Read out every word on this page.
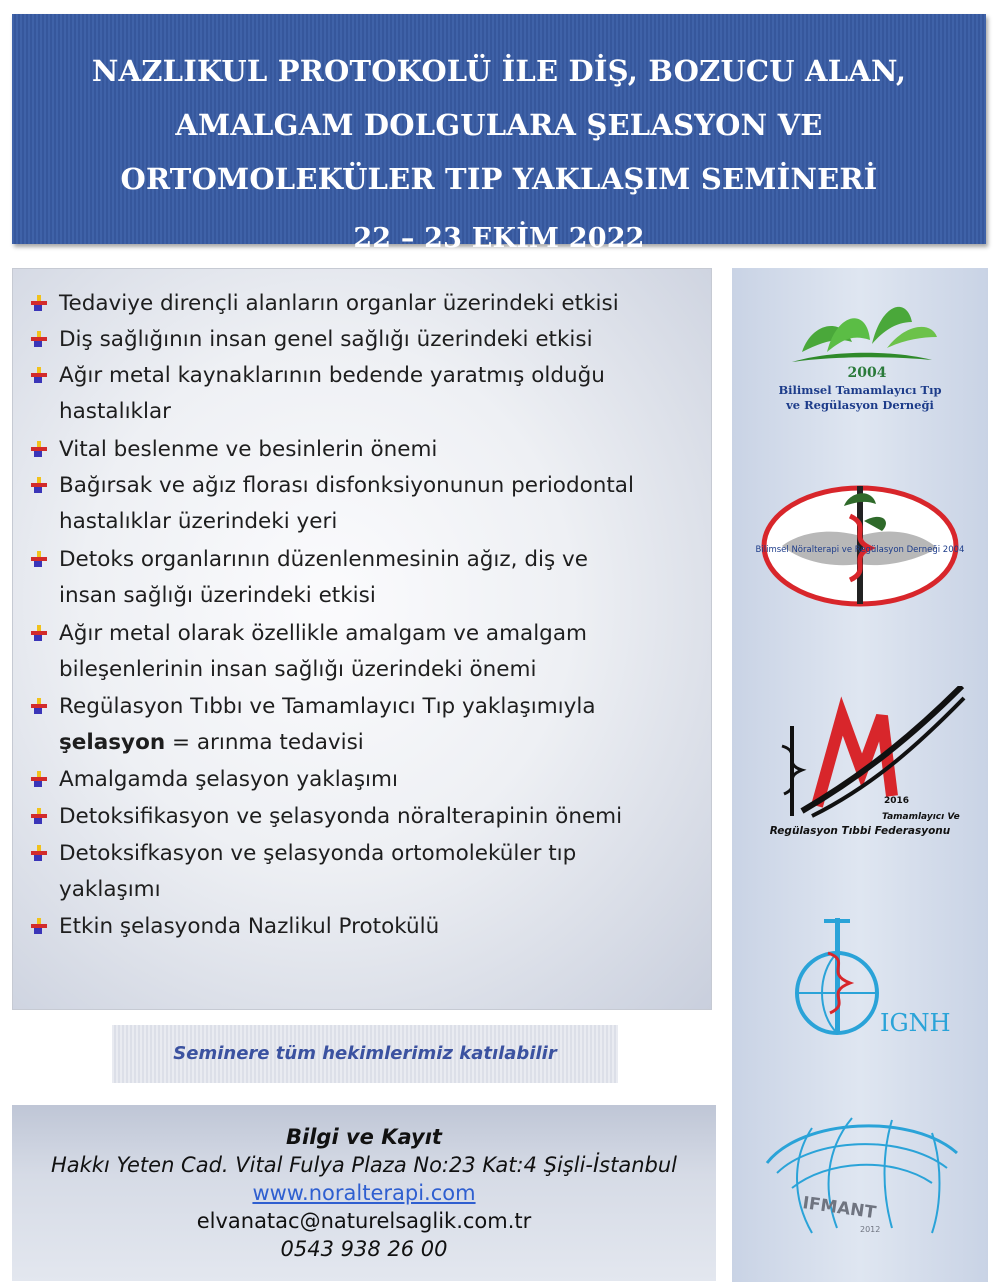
NAZLIKUL PROTOKOLÜ İLE DİŞ, BOZUCU ALAN,
AMALGAM DOLGULARA ŞELASYON VE
ORTOMOLEKÜLER TIP YAKLAŞIM SEMİNERİ
22 – 23 EKİM 2022
Tedaviye dirençli alanların organlar üzerindeki etkisi
Diş sağlığının insan genel sağlığı üzerindeki etkisi
Ağır metal kaynaklarının bedende yaratmış olduğu
hastalıklar
Vital beslenme ve besinlerin önemi
Bağırsak ve ağız florası disfonksiyonunun periodontal
hastalıklar üzerindeki yeri
Detoks organlarının düzenlenmesinin ağız, diş ve
insan sağlığı üzerindeki etkisi
Ağır metal olarak özellikle amalgam ve amalgam
bileşenlerinin insan sağlığı üzerindeki önemi
Regülasyon Tıbbı ve Tamamlayıcı Tıp yaklaşımıyla
şelasyon = arınma tedavisi
Amalgamda şelasyon yaklaşımı
Detoksifikasyon ve şelasyonda nöralterapinin önemi
Detoksifkasyon ve şelasyonda ortomoleküler tıp
yaklaşımı
Etkin şelasyonda Nazlikul Protokülü
Seminere tüm hekimlerimiz katılabilir
Bilgi ve Kayıt
Hakkı Yeten Cad. Vital Fulya Plaza No:23 Kat:4 Şişli-İstanbul
www.noralterapi.com
elvanatac@naturelsaglik.com.tr
0543 938 26 00
2004
Bilimsel Tamamlayıcı Tıp
ve Regülasyon Derneği
Bilimsel Nöralterapi ve Regülasyon Derneği 2004
2016
Tamamlayıcı Ve
Regülasyon Tıbbi Federasyonu
IGNH
IFMANT
2012
